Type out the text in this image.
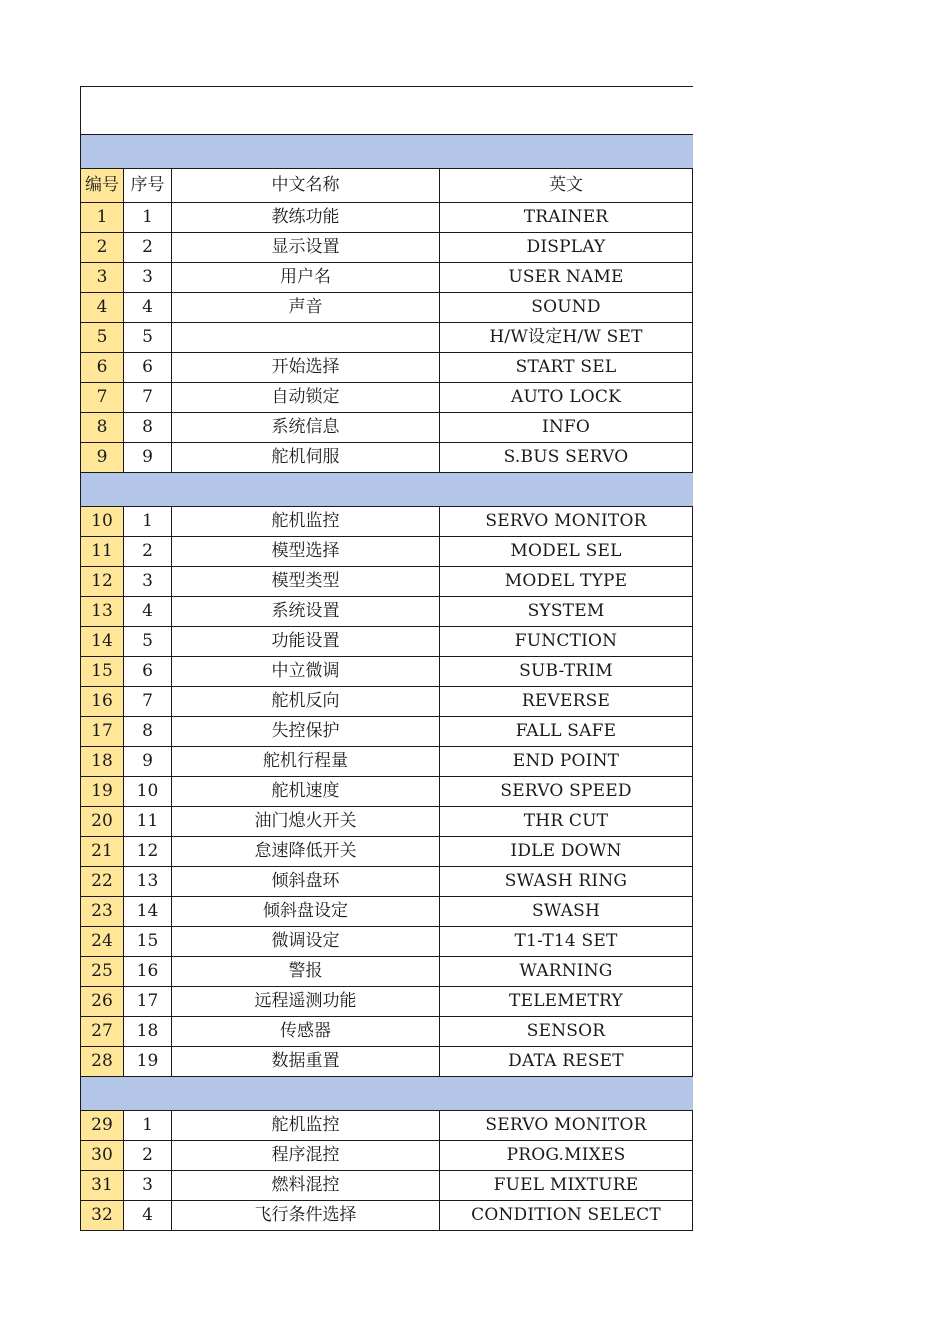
编号	序号	中文名称	英文
1	1	教练功能	TRAINER
2	2	显示设置	DISPLAY
3	3	用户名	USER NAME
4	4	声音	SOUND
5	5		H/W设定H/W SET
6	6	开始选择	START SEL
7	7	自动锁定	AUTO LOCK
8	8	系统信息	INFO
9	9	舵机伺服	S.BUS SERVO

10	1	舵机监控	SERVO MONITOR
11	2	模型选择	MODEL SEL
12	3	模型类型	MODEL TYPE
13	4	系统设置	SYSTEM
14	5	功能设置	FUNCTION
15	6	中立微调	SUB-TRIM
16	7	舵机反向	REVERSE
17	8	失控保护	FALL SAFE
18	9	舵机行程量	END POINT
19	10	舵机速度	SERVO SPEED
20	11	油门熄火开关	THR CUT
21	12	怠速降低开关	IDLE DOWN
22	13	倾斜盘环	SWASH RING
23	14	倾斜盘设定	SWASH
24	15	微调设定	T1-T14 SET
25	16	警报	WARNING
26	17	远程遥测功能	TELEMETRY
27	18	传感器	SENSOR
28	19	数据重置	DATA RESET

29	1	舵机监控	SERVO MONITOR
30	2	程序混控	PROG.MIXES
31	3	燃料混控	FUEL MIXTURE
32	4	飞行条件选择	CONDITION SELECT
